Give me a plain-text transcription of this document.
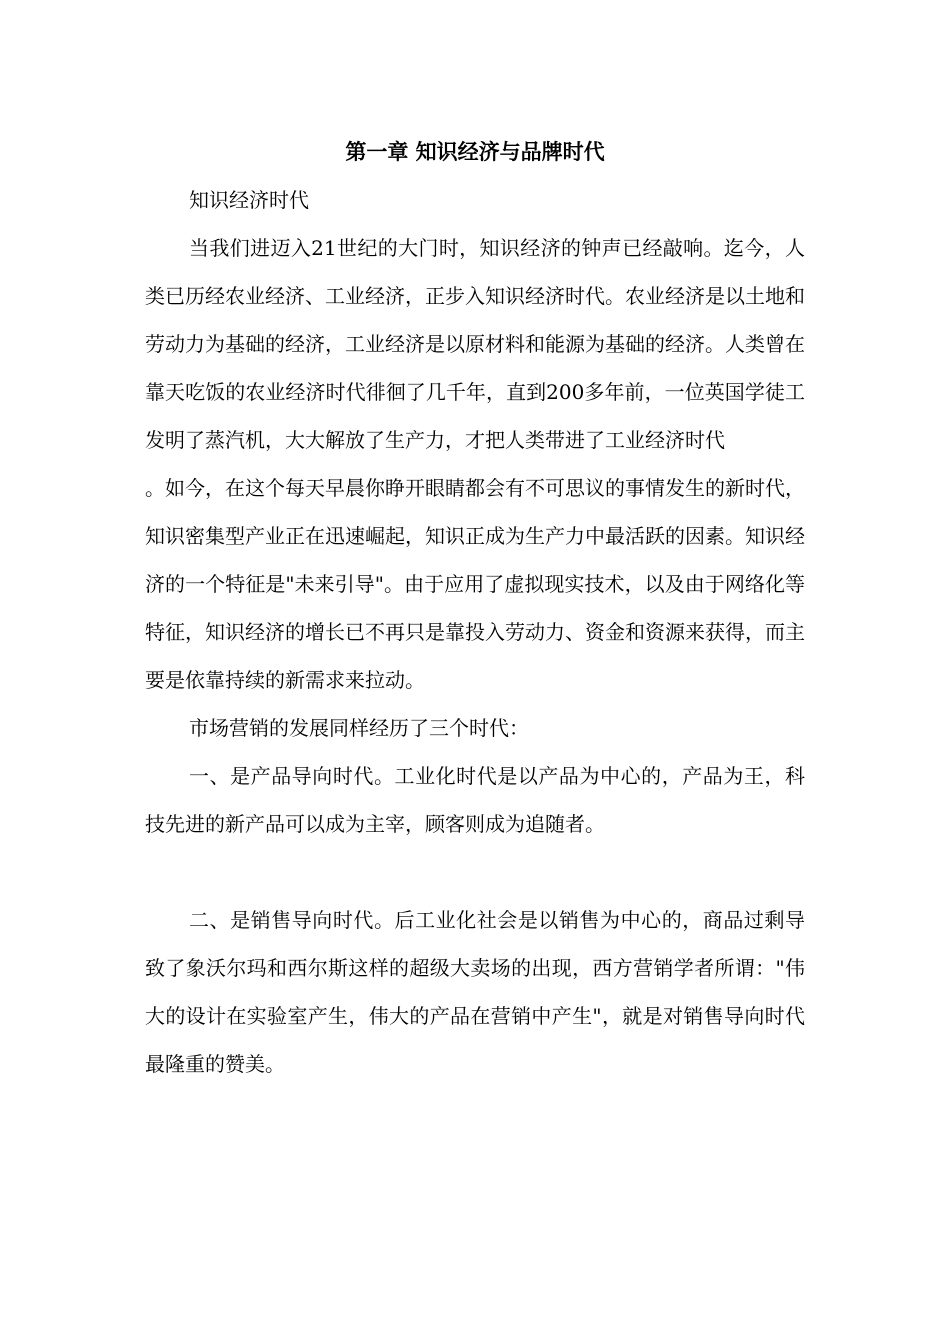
第一章 知识经济与品牌时代

知识经济时代

当我们进迈入21世纪的大门时，知识经济的钟声已经敲响。迄今，人类已历经农业经济、工业经济，正步入知识经济时代。农业经济是以土地和劳动力为基础的经济，工业经济是以原材料和能源为基础的经济。人类曾在靠天吃饭的农业经济时代徘徊了几千年，直到200多年前，一位英国学徒工发明了蒸汽机，大大解放了生产力，才把人类带进了工业经济时代

。如今，在这个每天早晨你睁开眼睛都会有不可思议的事情发生的新时代，知识密集型产业正在迅速崛起，知识正成为生产力中最活跃的因素。知识经济的一个特征是"未来引导"。由于应用了虚拟现实技术，以及由于网络化等特征，知识经济的增长已不再只是靠投入劳动力、资金和资源来获得，而主要是依靠持续的新需求来拉动。

市场营销的发展同样经历了三个时代：

一、是产品导向时代。工业化时代是以产品为中心的，产品为王，科技先进的新产品可以成为主宰，顾客则成为追随者。

二、是销售导向时代。后工业化社会是以销售为中心的，商品过剩导致了象沃尔玛和西尔斯这样的超级大卖场的出现，西方营销学者所谓："伟大的设计在实验室产生，伟大的产品在营销中产生"，就是对销售导向时代最隆重的赞美。
